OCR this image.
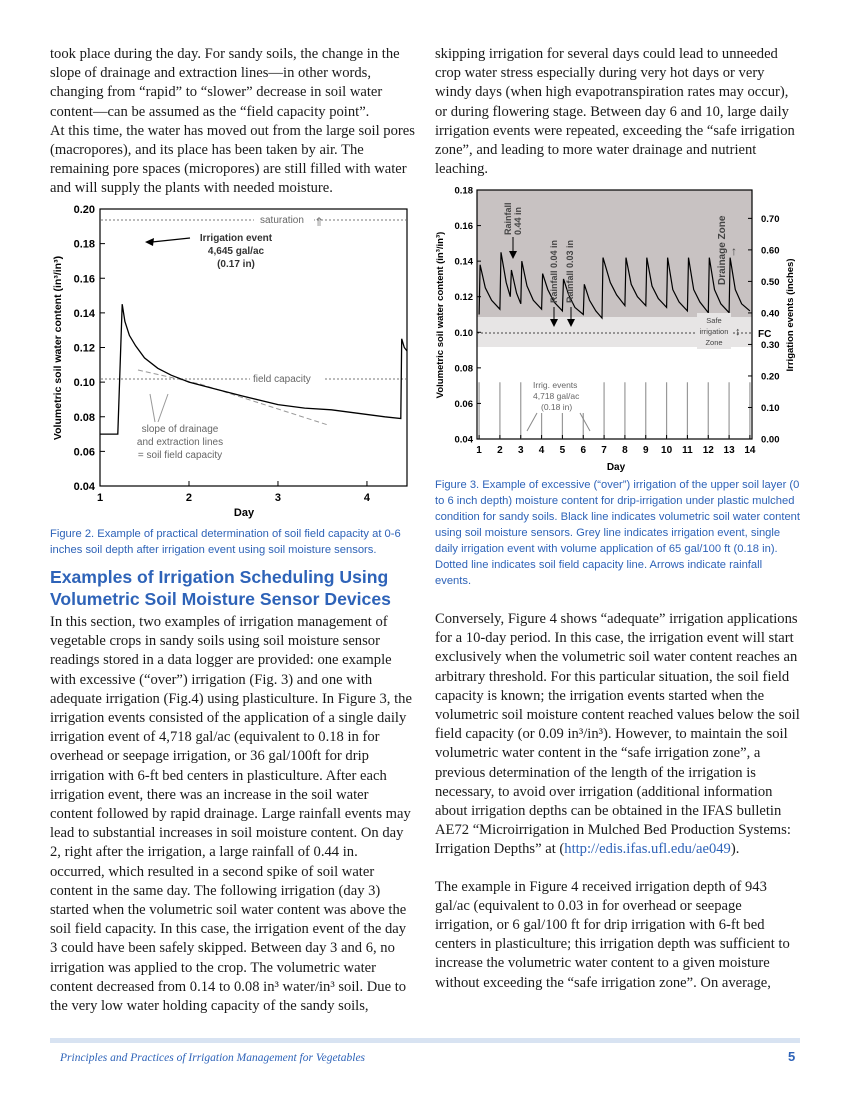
took place during the day. For sandy soils, the change in the slope of drainage and extraction lines—in other words, changing from “rapid” to “slower” decrease in soil water content—can be assumed as the “field capacity point”.

At this time, the water has moved out from the large soil pores (macropores), and its place has been taken by air. The remaining pore spaces (micropores) are still filled with water and will supply the plants with needed moisture.

0.20
0.18
0.16
0.14
0.12
0.10
0.08
0.06
0.04
1	2	3	4
saturation ⇑
field capacity
Irrigation event
4,645 gal/ac
(0.17 in)
slope of drainage
and extraction lines
= soil field capacity
Day
Volumetric soil water content (in³/in³)
Figure 2. Example of practical determination of soil field capacity at 0-6 inches soil depth after irrigation event using soil moisture sensors.
Examples of Irrigation Scheduling Using Volumetric Soil Moisture Sensor Devices

In this section, two examples of irrigation management of vegetable crops in sandy soils using soil moisture sensor readings stored in a data logger are provided: one example with excessive (“over”) irrigation (Fig. 3) and one with adequate irrigation (Fig.4) using plasticulture. In Figure 3, the irrigation events consisted of the application of a single daily irrigation event of 4,718 gal/ac (equivalent to 0.18 in for overhead or seepage irrigation, or 36 gal/100ft for drip irrigation with 6-ft bed centers in plasticulture. After each irrigation event, there was an increase in the soil water content followed by rapid drainage. Large rainfall events may lead to substantial increases in soil moisture content. On day 2, right after the irrigation, a large rainfall of 0.44 in. occurred, which resulted in a second spike of soil water content in the same day. The following irrigation (day 3) started when the volumetric soil water content was above the soil field capacity. In this case, the irrigation event of the day 3 could have been safely skipped. Between day 3 and 6, no irrigation was applied to the crop. The volumetric water content decreased from 0.14 to 0.08 in³ water/in³ soil. Due to the very low water holding capacity of the sandy soils,

skipping irrigation for several days could lead to unneeded crop water stress especially during very hot days or very windy days (when high evapotranspiration rates may occur), or during flowering stage. Between day 6 and 10, large daily irrigation events were repeated, exceeding the “safe irrigation zone”, and leading to more water drainage and nutrient leaching.

0.18
0.16
0.14
0.12
0.10
0.08
0.06
0.04
0.70
0.60
0.50
0.40
0.30
0.20
0.10
0.00
1 2 3 4 5 6 7 8 9 10 11 12 13 14
Rainfall 0.44 in
Rainfall 0.04 in Rainfall 0.03 in	Drainage Zone ↑
Safe
irrigation
Zone
↕ FC
Irrig. events
4,718 gal/ac
(0.18 in)
Day
Volumetric soil water content (in³/in³)	Irrigation events (inches)
Figure 3. Example of excessive (“over”) irrigation of the upper soil layer (0 to 6 inch depth) moisture content for drip-irrigation under plastic mulched condition for sandy soils. Black line indicates volumetric soil water content using soil moisture sensors. Grey line indicates irrigation event, single daily irrigation event with volume application of 65 gal/100 ft (0.18 in). Dotted line indicates soil field capacity line. Arrows indicate rainfall events.

Conversely, Figure 4 shows “adequate” irrigation applications for a 10-day period. In this case, the irrigation event will start exclusively when the volumetric soil water content reaches an arbitrary threshold. For this particular situation, the soil field capacity is known; the irrigation events started when the volumetric soil moisture content reached values below the soil field capacity (or 0.09 in³/in³). However, to maintain the soil volumetric water content in the “safe irrigation zone”, a previous determination of the length of the irrigation is necessary, to avoid over irrigation (additional information about irrigation depths can be obtained in the IFAS bulletin AE72 “Microirrigation in Mulched Bed Production Systems: Irrigation Depths” at (http://edis.ifas.ufl.edu/ae049).

The example in Figure 4 received irrigation depth of 943 gal/ac (equivalent to 0.03 in for overhead or seepage irrigation, or 6 gal/100 ft for drip irrigation with 6-ft bed centers in plasticulture; this irrigation depth was sufficient to increase the volumetric water content to a given moisture without exceeding the “safe irrigation zone”. On average,

Principles and Practices of Irrigation Management for Vegetables	5
